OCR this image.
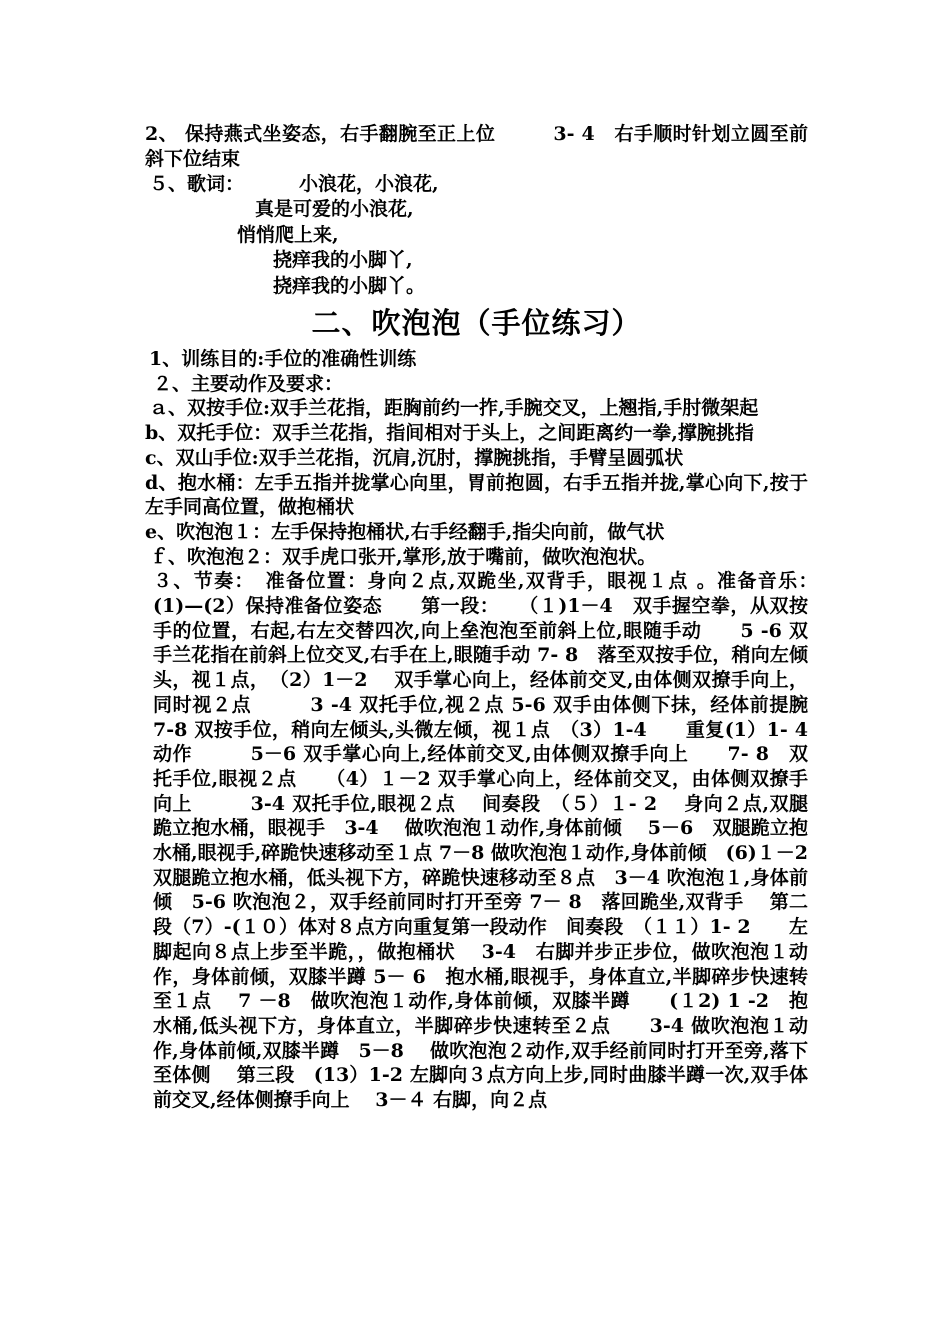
2、 保持燕式坐姿态，右手翻腕至正上位　　　3- 4　右手顺时针划立圆至前斜下位结束

５、歌词：	小浪花，小浪花,
真是可爱的小浪花,
悄悄爬上来,
挠痒我的小脚丫,
挠痒我的小脚丫。
二、吹泡泡（手位练习）

1、训练目的:手位的准确性训练

２、主要动作及要求：

ａ、双按手位:双手兰花指，距胸前约一拃,手腕交叉，上翘指,手肘微架起

b、双托手位：双手兰花指，指间相对于头上，之间距离约一拳,撑腕挑指

c、双山手位:双手兰花指，沉肩,沉肘，撑腕挑指，手臂呈圆弧状

d、抱水桶：左手五指并拢掌心向里，胃前抱圆，右手五指并拢,掌心向下,按于左手同高位置，做抱桶状

e、吹泡泡１：左手保持抱桶状,右手经翻手,指尖向前，做气状

ｆ、吹泡泡２：双手虎口张开,掌形,放于嘴前，做吹泡泡状。

３、节奏：　准备位置：身向２点,双跪坐,双背手，眼视１点 。准备音乐：　(1)—(2）保持准备位姿态　　第一段：　　（１)1－4　双手握空拳，从双按手的位置，右起,右左交替四次,向上垒泡泡至前斜上位,眼随手动　　5 -6 双手兰花指在前斜上位交叉,右手在上,眼随手动 7- 8　落至双按手位，稍向左倾头，视１点，　（2）1－2　 双手掌心向上，经体前交叉,由体侧双撩手向上，同时视２点　　　3 -4 双托手位,视２点 5-6 双手由体侧下抹，经体前提腕　7-8 双按手位，稍向左倾头,头微左倾，视１点　（3）1-4　　重复(1）1- 4 动作　　　5－6 双手掌心向上,经体前交叉,由体侧双撩手向上　　7- 8　双托手位,眼视２点　　（4）１－2 双手掌心向上，经体前交叉，由体侧双撩手向上　　　3-4 双托手位,眼视２点　 间奏段　（５）１- 2　 身向２点,双腿跪立抱水桶，眼视手　3-4　 做吹泡泡１动作,身体前倾　 5－6　双腿跪立抱水桶,眼视手,碎跪快速移动至１点 7－8 做吹泡泡１动作,身体前倾　(6)１－2　 双腿跪立抱水桶，低头视下方，碎跪快速移动至８点　3－4 吹泡泡１,身体前倾　5-6 吹泡泡２，双手经前同时打开至旁 7－ 8　落回跪坐,双背手　 第二段（7）-(１０）体对８点方向重复第一段动作　间奏段　（１１）1- 2　　左脚起向８点上步至半跪，，做抱桶状　 3-4　右脚并步正步位，做吹泡泡１动作，身体前倾，双膝半蹲 5－ 6　抱水桶,眼视手，身体直立,半脚碎步快速转至１点　 7 －8　做吹泡泡１动作,身体前倾，双膝半蹲　　(１2) 1 -2　抱水桶,低头视下方，身体直立，半脚碎步快速转至２点　　3-4 做吹泡泡１动作,身体前倾,双膝半蹲　5－8　 做吹泡泡２动作,双手经前同时打开至旁,落下至体侧　 第三段　(13）1-2 左脚向３点方向上步,同时曲膝半蹲一次,双手体前交叉,经体侧撩手向上　 3－４ 右脚，向２点
